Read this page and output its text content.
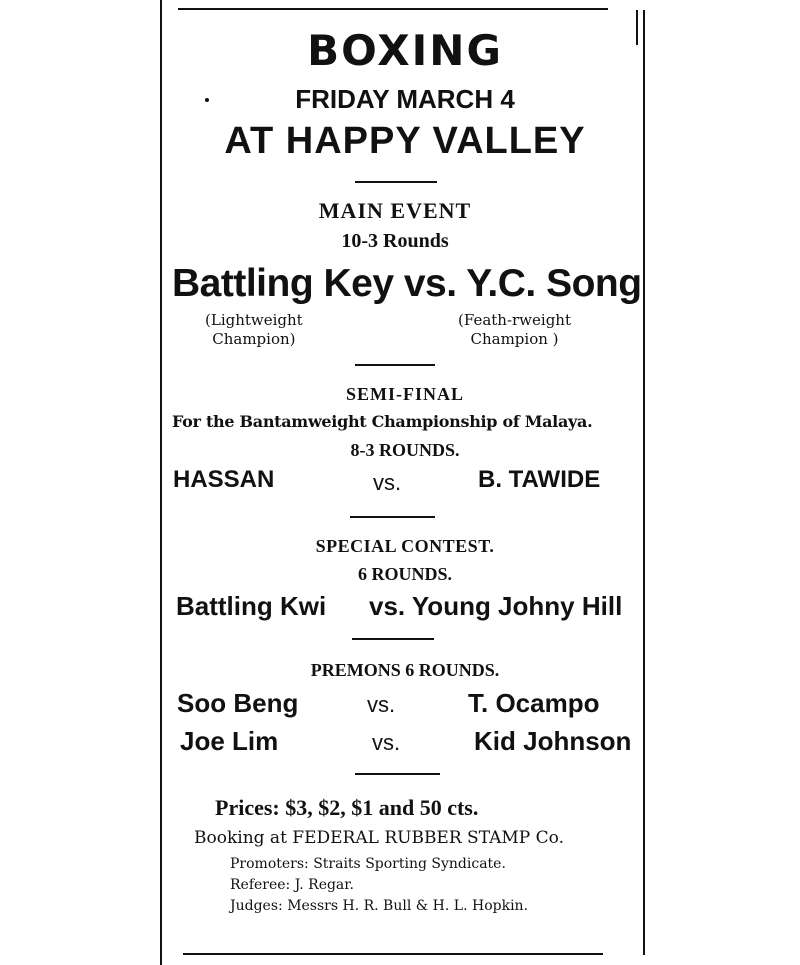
BOXING
FRIDAY MARCH 4
AT HAPPY VALLEY
MAIN EVENT
10-3 Rounds
Battling Key vs. Y.C. Song
(Lightweight
Champion)
(Feath-rweight
Champion )
SEMI-FINAL
For the Bantamweight Championship of Malaya.
8-3 ROUNDS.
HASSAN	vs.	B. TAWIDE
SPECIAL CONTEST.
6 ROUNDS.
Battling Kwi vs. Young Johny Hill
PREMONS 6 ROUNDS.
Soo Beng	vs.	T. Ocampo
Joe Lim	vs.	Kid Johnson
Prices: $3, $2, $1 and 50 cts.
Booking at FEDERAL RUBBER STAMP Co.
Promoters: Straits Sporting Syndicate.
Referee: J. Regar.
Judges: Messrs H. R. Bull & H. L. Hopkin.
